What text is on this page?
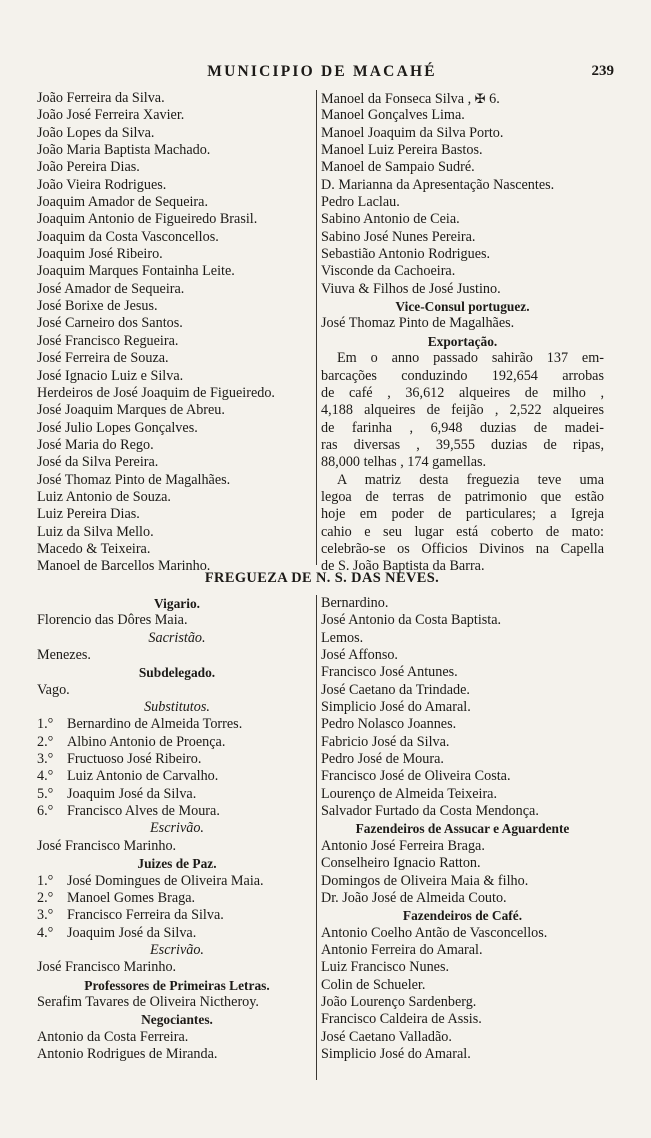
MUNICIPIO DE MACAHÉ	239
João Ferreira da Silva.
João José Ferreira Xavier.
João Lopes da Silva.
João Maria Baptista Machado.
João Pereira Dias.
João Vieira Rodrigues.
Joaquim Amador de Sequeira.
Joaquim Antonio de Figueiredo Brasil.
Joaquim da Costa Vasconcellos.
Joaquim José Ribeiro.
Joaquim Marques Fontainha Leite.
José Amador de Sequeira.
José Borixe de Jesus.
José Carneiro dos Santos.
José Francisco Regueira.
José Ferreira de Souza.
José Ignacio Luiz e Silva.
Herdeiros de José Joaquim de Figueiredo.
José Joaquim Marques de Abreu.
José Julio Lopes Gonçalves.
José Maria do Rego.
José da Silva Pereira.
José Thomaz Pinto de Magalhães.
Luiz Antonio de Souza.
Luiz Pereira Dias.
Luiz da Silva Mello.
Macedo & Teixeira.
Manoel de Barcellos Marinho.
Manoel da Fonseca Silva , ✠ 6.
Manoel Gonçalves Lima.
Manoel Joaquim da Silva Porto.
Manoel Luiz Pereira Bastos.
Manoel de Sampaio Sudré.
D. Marianna da Apresentação Nascentes.
Pedro Laclau.
Sabino Antonio de Ceia.
Sabino José Nunes Pereira.
Sebastião Antonio Rodrigues.
Visconde da Cachoeira.
Viuva & Filhos de José Justino.
Vice-Consul portuguez.
José Thomaz Pinto de Magalhães.
Exportação.
Em o anno passado sahirão 137 em-
barcações conduzindo 192,654 arrobas
de café , 36,612 alqueires de milho ,
4,188 alqueires de feijão , 2,522 alqueires
de farinha , 6,948 duzias de madei-
ras diversas , 39,555 duzias de ripas,
88,000 telhas , 174 gamellas.
A matriz desta freguezia teve uma
legoa de terras de patrimonio que estão
hoje em poder de particulares; a Igreja
cahio e seu lugar está coberto de mato:
celebrão-se os Officios Divinos na Capella
de S. João Baptista da Barra.
FREGUEZA DE N. S. DAS NEVES.
Vigario.
Florencio das Dôres Maia.
Sacristão.
Menezes.
Subdelegado.
Vago.
Substitutos.
1.° Bernardino de Almeida Torres.
2.° Albino Antonio de Proença.
3.° Fructuoso José Ribeiro.
4.° Luiz Antonio de Carvalho.
5.° Joaquim José da Silva.
6.° Francisco Alves de Moura.
Escrivão.
José Francisco Marinho.
Juizes de Paz.
1.° José Domingues de Oliveira Maia.
2.° Manoel Gomes Braga.
3.° Francisco Ferreira da Silva.
4.° Joaquim José da Silva.
Escrivão.
José Francisco Marinho.
Professores de Primeiras Letras.
Serafim Tavares de Oliveira Nictheroy.
Negociantes.
Antonio da Costa Ferreira.
Antonio Rodrigues de Miranda.
Bernardino.
José Antonio da Costa Baptista.
Lemos.
José Affonso.
Francisco José Antunes.
José Caetano da Trindade.
Simplicio José do Amaral.
Pedro Nolasco Joannes.
Fabricio José da Silva.
Pedro José de Moura.
Francisco José de Oliveira Costa.
Lourenço de Almeida Teixeira.
Salvador Furtado da Costa Mendonça.
Fazendeiros de Assucar e Aguardente
Antonio José Ferreira Braga.
Conselheiro Ignacio Ratton.
Domingos de Oliveira Maia & filho.
Dr. João José de Almeida Couto.
Fazendeiros de Café.
Antonio Coelho Antão de Vasconcellos.
Antonio Ferreira do Amaral.
Luiz Francisco Nunes.
Colin de Schueler.
João Lourenço Sardenberg.
Francisco Caldeira de Assis.
José Caetano Valladão.
Simplicio José do Amaral.
